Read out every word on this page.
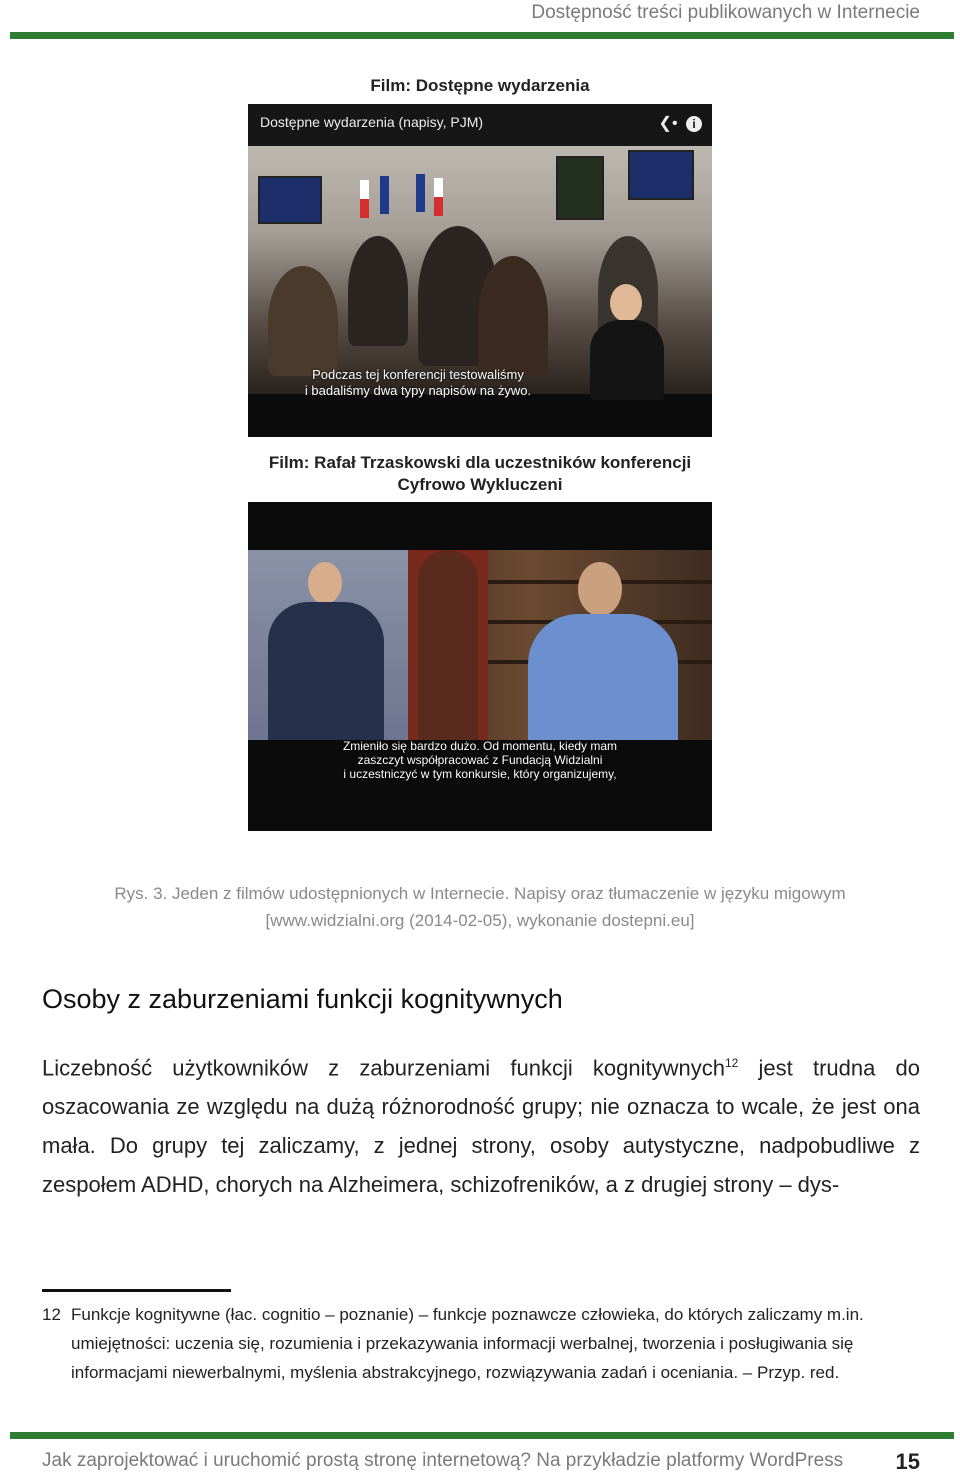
Dostępność treści publikowanych w Internecie
Film: Dostępne wydarzenia
Dostępne wydarzenia (napisy, PJM)	❮• i
Podczas tej konferencji testowaliśmy
i badaliśmy dwa typy napisów na żywo.
Film: Rafał Trzaskowski dla uczestników konferencji
Cyfrowo Wykluczeni
Zmieniło się bardzo dużo. Od momentu, kiedy mam
zaszczyt współpracować z Fundacją Widzialni
i uczestniczyć w tym konkursie, który organizujemy,
Rys. 3. Jeden z filmów udostępnionych w Internecie. Napisy oraz tłumaczenie w języku migowym
[www.widzialni.org (2014-02-05), wykonanie dostepni.eu]
Osoby z zaburzeniami funkcji kognitywnych

Liczebność użytkowników z zaburzeniami funkcji kognitywnych$^{12}$ jest trudna do oszacowania ze względu na dużą różnorodność grupy; nie oznacza to wcale, że jest ona mała. Do grupy tej zaliczamy, z jednej strony, osoby autystyczne, nadpobudliwe z zespołem ADHD, chorych na Alzheimera, schizofreników, a z drugiej strony – dys-

12 Funkcje kognitywne (łac. cognitio – poznanie) – funkcje poznawcze człowieka, do których zaliczamy m.in. umiejętności: uczenia się, rozumienia i przekazywania informacji werbalnej, tworzenia i posługiwania się informacjami niewerbalnymi, myślenia abstrakcyjnego, rozwiązywania zadań i oceniania. – Przyp. red.
Jak zaprojektować i uruchomić prostą stronę internetową? Na przykładzie platformy WordPress 15
